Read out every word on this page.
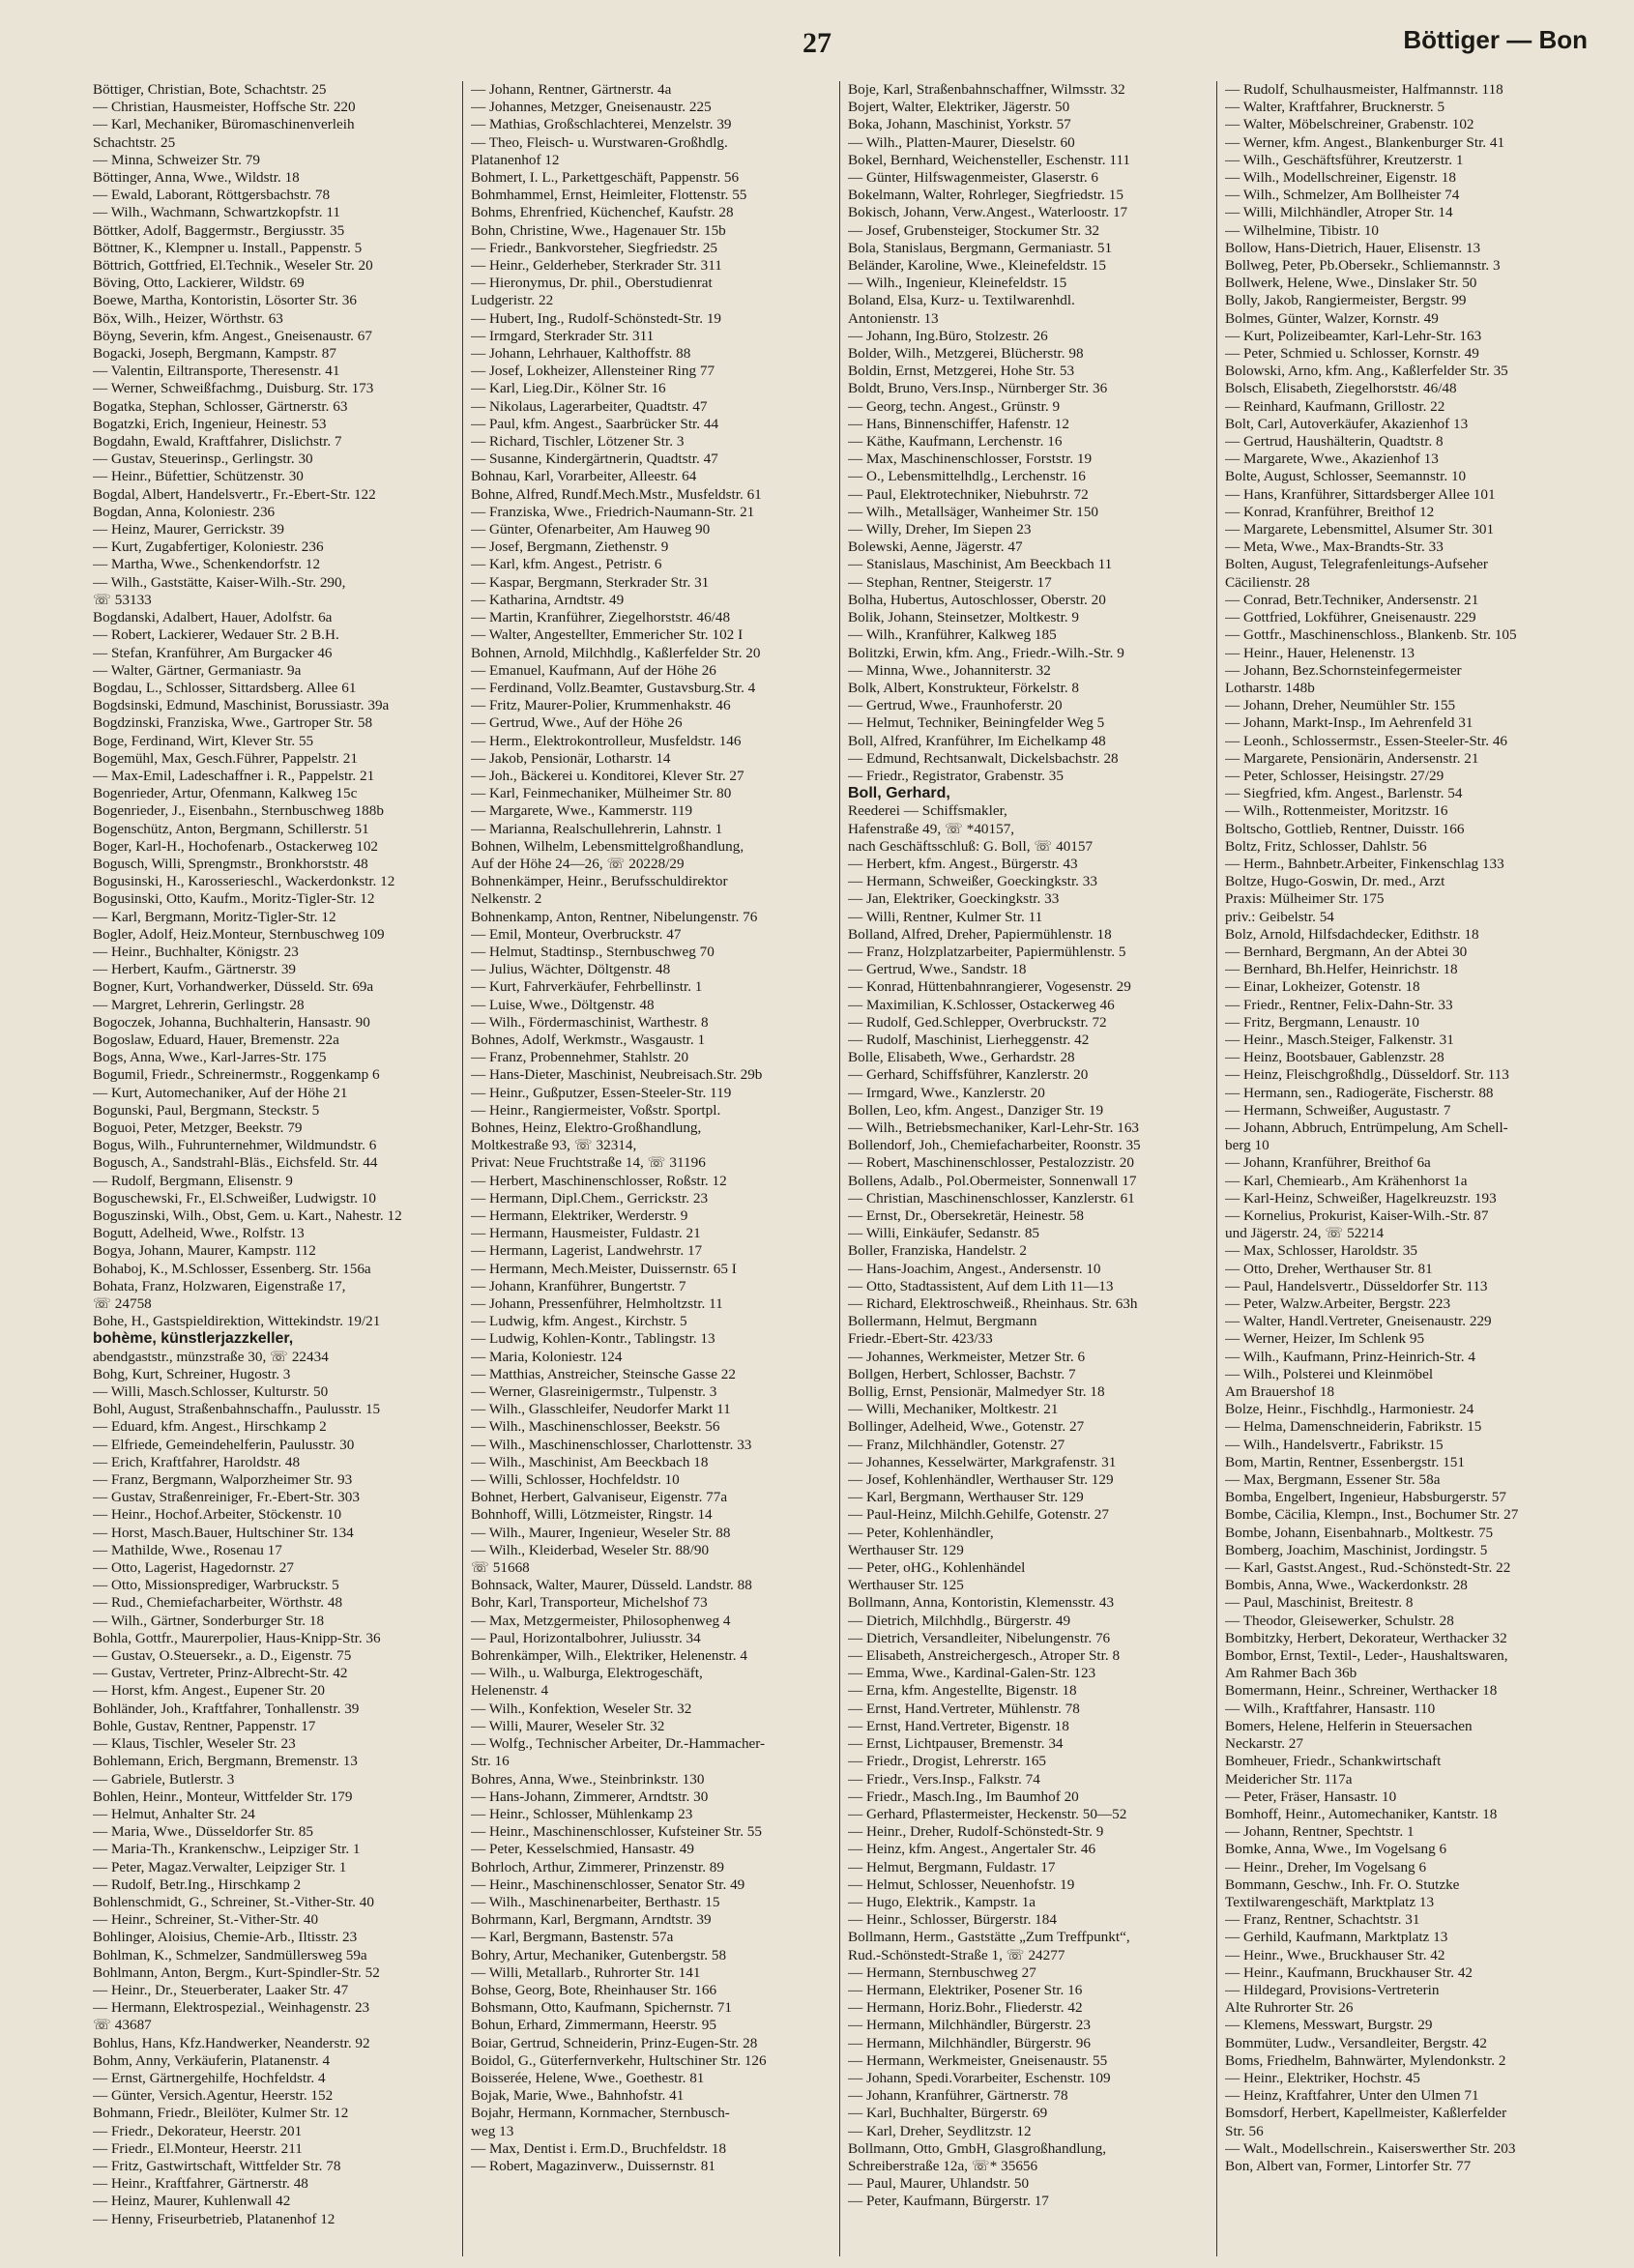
27	Böttiger — Bon
Böttiger, Christian, Bote, Schachtstr. 25
— Christian, Hausmeister, Hoffsche Str. 220
— Karl, Mechaniker, Büromaschinenverleih
Schachtstr. 25
— Minna, Schweizer Str. 79
Böttinger, Anna, Wwe., Wildstr. 18
— Ewald, Laborant, Röttgersbachstr. 78
— Wilh., Wachmann, Schwartzkopfstr. 11
Böttker, Adolf, Baggermstr., Bergiusstr. 35
Böttner, K., Klempner u. Install., Pappenstr. 5
Böttrich, Gottfried, El.Technik., Weseler Str. 20
Böving, Otto, Lackierer, Wildstr. 69
Boewe, Martha, Kontoristin, Lösorter Str. 36
Böx, Wilh., Heizer, Wörthstr. 63
Böyng, Severin, kfm. Angest., Gneisenaustr. 67
Bogacki, Joseph, Bergmann, Kampstr. 87
— Valentin, Eiltransporte, Theresenstr. 41
— Werner, Schweißfachmg., Duisburg. Str. 173
Bogatka, Stephan, Schlosser, Gärtnerstr. 63
Bogatzki, Erich, Ingenieur, Heinestr. 53
Bogdahn, Ewald, Kraftfahrer, Dislichstr. 7
— Gustav, Steuerinsp., Gerlingstr. 30
— Heinr., Büfettier, Schützenstr. 30
Bogdal, Albert, Handelsvertr., Fr.-Ebert-Str. 122
Bogdan, Anna, Koloniestr. 236
— Heinz, Maurer, Gerrickstr. 39
— Kurt, Zugabfertiger, Koloniestr. 236
— Martha, Wwe., Schenkendorfstr. 12
— Wilh., Gaststätte, Kaiser-Wilh.-Str. 290,
☏ 53133
Bogdanski, Adalbert, Hauer, Adolfstr. 6a
— Robert, Lackierer, Wedauer Str. 2 B.H.
— Stefan, Kranführer, Am Burgacker 46
— Walter, Gärtner, Germaniastr. 9a
Bogdau, L., Schlosser, Sittardsberg. Allee 61
Bogdsinski, Edmund, Maschinist, Borussiastr. 39a
Bogdzinski, Franziska, Wwe., Gartroper Str. 58
Boge, Ferdinand, Wirt, Klever Str. 55
Bogemühl, Max, Gesch.Führer, Pappelstr. 21
— Max-Emil, Ladeschaffner i. R., Pappelstr. 21
Bogenrieder, Artur, Ofenmann, Kalkweg 15c
Bogenrieder, J., Eisenbahn., Sternbuschweg 188b
Bogenschütz, Anton, Bergmann, Schillerstr. 51
Boger, Karl-H., Hochofenarb., Ostackerweg 102
Bogusch, Willi, Sprengmstr., Bronkhorststr. 48
Bogusinski, H., Karosserieschl., Wackerdonkstr. 12
Bogusinski, Otto, Kaufm., Moritz-Tigler-Str. 12
— Karl, Bergmann, Moritz-Tigler-Str. 12
Bogler, Adolf, Heiz.Monteur, Sternbuschweg 109
— Heinr., Buchhalter, Königstr. 23
— Herbert, Kaufm., Gärtnerstr. 39
Bogner, Kurt, Vorhandwerker, Düsseld. Str. 69a
— Margret, Lehrerin, Gerlingstr. 28
Bogoczek, Johanna, Buchhalterin, Hansastr. 90
Bogoslaw, Eduard, Hauer, Bremenstr. 22a
Bogs, Anna, Wwe., Karl-Jarres-Str. 175
Bogumil, Friedr., Schreinermstr., Roggenkamp 6
— Kurt, Automechaniker, Auf der Höhe 21
Bogunski, Paul, Bergmann, Steckstr. 5
Boguoi, Peter, Metzger, Beekstr. 79
Bogus, Wilh., Fuhrunternehmer, Wildmundstr. 6
Bogusch, A., Sandstrahl-Bläs., Eichsfeld. Str. 44
— Rudolf, Bergmann, Elisenstr. 9
Boguschewski, Fr., El.Schweißer, Ludwigstr. 10
Boguszinski, Wilh., Obst, Gem. u. Kart., Nahestr. 12
Bogutt, Adelheid, Wwe., Rolfstr. 13
Bogya, Johann, Maurer, Kampstr. 112
Bohaboj, K., M.Schlosser, Essenberg. Str. 156a
Bohata, Franz, Holzwaren, Eigenstraße 17,
☏ 24758
Bohe, H., Gastspieldirektion, Wittekindstr. 19/21
bohème, künstlerjazzkeller,
abendgaststr., münzstraße 30, ☏ 22434
Bohg, Kurt, Schreiner, Hugostr. 3
— Willi, Masch.Schlosser, Kulturstr. 50
Bohl, August, Straßenbahnschaffn., Paulusstr. 15
— Eduard, kfm. Angest., Hirschkamp 2
— Elfriede, Gemeindehelferin, Paulusstr. 30
— Erich, Kraftfahrer, Haroldstr. 48
— Franz, Bergmann, Walporzheimer Str. 93
— Gustav, Straßenreiniger, Fr.-Ebert-Str. 303
— Heinr., Hochof.Arbeiter, Stöckenstr. 10
— Horst, Masch.Bauer, Hultschiner Str. 134
— Mathilde, Wwe., Rosenau 17
— Otto, Lagerist, Hagedornstr. 27
— Otto, Missionsprediger, Warbruckstr. 5
— Rud., Chemiefacharbeiter, Wörthstr. 48
— Wilh., Gärtner, Sonderburger Str. 18
Bohla, Gottfr., Maurerpolier, Haus-Knipp-Str. 36
— Gustav, O.Steuersekr., a. D., Eigenstr. 75
— Gustav, Vertreter, Prinz-Albrecht-Str. 42
— Horst, kfm. Angest., Eupener Str. 20
Bohländer, Joh., Kraftfahrer, Tonhallenstr. 39
Bohle, Gustav, Rentner, Pappenstr. 17
— Klaus, Tischler, Weseler Str. 23
Bohlemann, Erich, Bergmann, Bremenstr. 13
— Gabriele, Butlerstr. 3
Bohlen, Heinr., Monteur, Wittfelder Str. 179
— Helmut, Anhalter Str. 24
— Maria, Wwe., Düsseldorfer Str. 85
— Maria-Th., Krankenschw., Leipziger Str. 1
— Peter, Magaz.Verwalter, Leipziger Str. 1
— Rudolf, Betr.Ing., Hirschkamp 2
Bohlenschmidt, G., Schreiner, St.-Vither-Str. 40
— Heinr., Schreiner, St.-Vither-Str. 40
Bohlinger, Aloisius, Chemie-Arb., Iltisstr. 23
Bohlman, K., Schmelzer, Sandmüllersweg 59a
Bohlmann, Anton, Bergm., Kurt-Spindler-Str. 52
— Heinr., Dr., Steuerberater, Laaker Str. 47
— Hermann, Elektrospezial., Weinhagenstr. 23
☏ 43687
Bohlus, Hans, Kfz.Handwerker, Neanderstr. 92
Bohm, Anny, Verkäuferin, Platanenstr. 4
— Ernst, Gärtnergehilfe, Hochfeldstr. 4
— Günter, Versich.Agentur, Heerstr. 152
Bohmann, Friedr., Bleilöter, Kulmer Str. 12
— Friedr., Dekorateur, Heerstr. 201
— Friedr., El.Monteur, Heerstr. 211
— Fritz, Gastwirtschaft, Wittfelder Str. 78
— Heinr., Kraftfahrer, Gärtnerstr. 48
— Heinz, Maurer, Kuhlenwall 42
— Henny, Friseurbetrieb, Platanenhof 12
— Johann, Rentner, Gärtnerstr. 4a
— Johannes, Metzger, Gneisenaustr. 225
— Mathias, Großschlachterei, Menzelstr. 39
— Theo, Fleisch- u. Wurstwaren-Großhdlg.
Platanenhof 12
Bohmert, I. L., Parkettgeschäft, Pappenstr. 56
Bohmhammel, Ernst, Heimleiter, Flottenstr. 55
Bohms, Ehrenfried, Küchenchef, Kaufstr. 28
Bohn, Christine, Wwe., Hagenauer Str. 15b
— Friedr., Bankvorsteher, Siegfriedstr. 25
— Heinr., Gelderheber, Sterkrader Str. 311
— Hieronymus, Dr. phil., Oberstudienrat
Ludgeristr. 22
— Hubert, Ing., Rudolf-Schönstedt-Str. 19
— Irmgard, Sterkrader Str. 311
— Johann, Lehrhauer, Kalthoffstr. 88
— Josef, Lokheizer, Allensteiner Ring 77
— Karl, Lieg.Dir., Kölner Str. 16
— Nikolaus, Lagerarbeiter, Quadtstr. 47
— Paul, kfm. Angest., Saarbrücker Str. 44
— Richard, Tischler, Lötzener Str. 3
— Susanne, Kindergärtnerin, Quadtstr. 47
Bohnau, Karl, Vorarbeiter, Alleestr. 64
Bohne, Alfred, Rundf.Mech.Mstr., Musfeldstr. 61
— Franziska, Wwe., Friedrich-Naumann-Str. 21
— Günter, Ofenarbeiter, Am Hauweg 90
— Josef, Bergmann, Ziethenstr. 9
— Karl, kfm. Angest., Petristr. 6
— Kaspar, Bergmann, Sterkrader Str. 31
— Katharina, Arndtstr. 49
— Martin, Kranführer, Ziegelhorststr. 46/48
— Walter, Angestellter, Emmericher Str. 102 I
Bohnen, Arnold, Milchhdlg., Kaßlerfelder Str. 20
— Emanuel, Kaufmann, Auf der Höhe 26
— Ferdinand, Vollz.Beamter, Gustavsburg.Str. 4
— Fritz, Maurer-Polier, Krummenhakstr. 46
— Gertrud, Wwe., Auf der Höhe 26
— Herm., Elektrokontrolleur, Musfeldstr. 146
— Jakob, Pensionär, Lotharstr. 14
— Joh., Bäckerei u. Konditorei, Klever Str. 27
— Karl, Feinmechaniker, Mülheimer Str. 80
— Margarete, Wwe., Kammerstr. 119
— Marianna, Realschullehrerin, Lahnstr. 1
Bohnen, Wilhelm, Lebensmittelgroßhandlung,
Auf der Höhe 24—26, ☏ 20228/29
Bohnenkämper, Heinr., Berufsschuldirektor
Nelkenstr. 2
Bohnenkamp, Anton, Rentner, Nibelungenstr. 76
— Emil, Monteur, Overbruckstr. 47
— Helmut, Stadtinsp., Sternbuschweg 70
— Julius, Wächter, Döltgenstr. 48
— Kurt, Fahrverkäufer, Fehrbellinstr. 1
— Luise, Wwe., Döltgenstr. 48
— Wilh., Fördermaschinist, Warthestr. 8
Bohnes, Adolf, Werkmstr., Wasgaustr. 1
— Franz, Probennehmer, Stahlstr. 20
— Hans-Dieter, Maschinist, Neubreisach.Str. 29b
— Heinr., Gußputzer, Essen-Steeler-Str. 119
— Heinr., Rangiermeister, Voßstr. Sportpl.
Bohnes, Heinz, Elektro-Großhandlung,
Moltkestraße 93, ☏ 32314,
Privat: Neue Fruchtstraße 14, ☏ 31196
— Herbert, Maschinenschlosser, Roßstr. 12
— Hermann, Dipl.Chem., Gerrickstr. 23
— Hermann, Elektriker, Werderstr. 9
— Hermann, Hausmeister, Fuldastr. 21
— Hermann, Lagerist, Landwehrstr. 17
— Hermann, Mech.Meister, Duissernstr. 65 I
— Johann, Kranführer, Bungertstr. 7
— Johann, Pressenführer, Helmholtzstr. 11
— Ludwig, kfm. Angest., Kirchstr. 5
— Ludwig, Kohlen-Kontr., Tablingstr. 13
— Maria, Koloniestr. 124
— Matthias, Anstreicher, Steinsche Gasse 22
— Werner, Glasreinigermstr., Tulpenstr. 3
— Wilh., Glasschleifer, Neudorfer Markt 11
— Wilh., Maschinenschlosser, Beekstr. 56
— Wilh., Maschinenschlosser, Charlottenstr. 33
— Wilh., Maschinist, Am Beeckbach 18
— Willi, Schlosser, Hochfeldstr. 10
Bohnet, Herbert, Galvaniseur, Eigenstr. 77a
Bohnhoff, Willi, Lötzmeister, Ringstr. 14
— Wilh., Maurer, Ingenieur, Weseler Str. 88
— Wilh., Kleiderbad, Weseler Str. 88/90
☏ 51668
Bohnsack, Walter, Maurer, Düsseld. Landstr. 88
Bohr, Karl, Transporteur, Michelshof 73
— Max, Metzgermeister, Philosophenweg 4
— Paul, Horizontalbohrer, Juliusstr. 34
Bohrenkämper, Wilh., Elektriker, Helenenstr. 4
— Wilh., u. Walburga, Elektrogeschäft,
Helenenstr. 4
— Wilh., Konfektion, Weseler Str. 32
— Willi, Maurer, Weseler Str. 32
— Wolfg., Technischer Arbeiter, Dr.-Hammacher-
Str. 16
Bohres, Anna, Wwe., Steinbrinkstr. 130
— Hans-Johann, Zimmerer, Arndtstr. 30
— Heinr., Schlosser, Mühlenkamp 23
— Heinr., Maschinenschlosser, Kufsteiner Str. 55
— Peter, Kesselschmied, Hansastr. 49
Bohrloch, Arthur, Zimmerer, Prinzenstr. 89
— Heinr., Maschinenschlosser, Senator Str. 49
— Wilh., Maschinenarbeiter, Berthastr. 15
Bohrmann, Karl, Bergmann, Arndtstr. 39
— Karl, Bergmann, Bastenstr. 57a
Bohry, Artur, Mechaniker, Gutenbergstr. 58
— Willi, Metallarb., Ruhrorter Str. 141
Bohse, Georg, Bote, Rheinhauser Str. 166
Bohsmann, Otto, Kaufmann, Spichernstr. 71
Bohun, Erhard, Zimmermann, Heerstr. 95
Boiar, Gertrud, Schneiderin, Prinz-Eugen-Str. 28
Boidol, G., Güterfernverkehr, Hultschiner Str. 126
Boisserée, Helene, Wwe., Goethestr. 81
Bojak, Marie, Wwe., Bahnhofstr. 41
Bojahr, Hermann, Kornmacher, Sternbusch-
weg 13
— Max, Dentist i. Erm.D., Bruchfeldstr. 18
— Robert, Magazinverw., Duissernstr. 81
Boje, Karl, Straßenbahnschaffner, Wilmsstr. 32
Bojert, Walter, Elektriker, Jägerstr. 50
Boka, Johann, Maschinist, Yorkstr. 57
— Wilh., Platten-Maurer, Dieselstr. 60
Bokel, Bernhard, Weichensteller, Eschenstr. 111
— Günter, Hilfswagenmeister, Glaserstr. 6
Bokelmann, Walter, Rohrleger, Siegfriedstr. 15
Bokisch, Johann, Verw.Angest., Waterloostr. 17
— Josef, Grubensteiger, Stockumer Str. 32
Bola, Stanislaus, Bergmann, Germaniastr. 51
Beländer, Karoline, Wwe., Kleinefeldstr. 15
— Wilh., Ingenieur, Kleinefeldstr. 15
Boland, Elsa, Kurz- u. Textilwarenhdl.
Antonienstr. 13
— Johann, Ing.Büro, Stolzestr. 26
Bolder, Wilh., Metzgerei, Blücherstr. 98
Boldin, Ernst, Metzgerei, Hohe Str. 53
Boldt, Bruno, Vers.Insp., Nürnberger Str. 36
— Georg, techn. Angest., Grünstr. 9
— Hans, Binnenschiffer, Hafenstr. 12
— Käthe, Kaufmann, Lerchenstr. 16
— Max, Maschinenschlosser, Forststr. 19
— O., Lebensmittelhdlg., Lerchenstr. 16
— Paul, Elektrotechniker, Niebuhrstr. 72
— Wilh., Metallsäger, Wanheimer Str. 150
— Willy, Dreher, Im Siepen 23
Bolewski, Aenne, Jägerstr. 47
— Stanislaus, Maschinist, Am Beeckbach 11
— Stephan, Rentner, Steigerstr. 17
Bolha, Hubertus, Autoschlosser, Oberstr. 20
Bolik, Johann, Steinsetzer, Moltkestr. 9
— Wilh., Kranführer, Kalkweg 185
Bolitzki, Erwin, kfm. Ang., Friedr.-Wilh.-Str. 9
— Minna, Wwe., Johanniterstr. 32
Bolk, Albert, Konstrukteur, Förkelstr. 8
— Gertrud, Wwe., Fraunhoferstr. 20
— Helmut, Techniker, Beiningfelder Weg 5
Boll, Alfred, Kranführer, Im Eichelkamp 48
— Edmund, Rechtsanwalt, Dickelsbachstr. 28
— Friedr., Registrator, Grabenstr. 35
Boll, Gerhard,
Reederei — Schiffsmakler,
Hafenstraße 49, ☏ *40157,
nach Geschäftsschluß: G. Boll, ☏ 40157
— Herbert, kfm. Angest., Bürgerstr. 43
— Hermann, Schweißer, Goeckingkstr. 33
— Jan, Elektriker, Goeckingkstr. 33
— Willi, Rentner, Kulmer Str. 11
Bolland, Alfred, Dreher, Papiermühlenstr. 18
— Franz, Holzplatzarbeiter, Papiermühlenstr. 5
— Gertrud, Wwe., Sandstr. 18
— Konrad, Hüttenbahnrangierer, Vogesenstr. 29
— Maximilian, K.Schlosser, Ostackerweg 46
— Rudolf, Ged.Schlepper, Overbruckstr. 72
— Rudolf, Maschinist, Lierheggenstr. 42
Bolle, Elisabeth, Wwe., Gerhardstr. 28
— Gerhard, Schiffsführer, Kanzlerstr. 20
— Irmgard, Wwe., Kanzlerstr. 20
Bollen, Leo, kfm. Angest., Danziger Str. 19
— Wilh., Betriebsmechaniker, Karl-Lehr-Str. 163
Bollendorf, Joh., Chemiefacharbeiter, Roonstr. 35
— Robert, Maschinenschlosser, Pestalozzistr. 20
Bollens, Adalb., Pol.Obermeister, Sonnenwall 17
— Christian, Maschinenschlosser, Kanzlerstr. 61
— Ernst, Dr., Obersekretär, Heinestr. 58
— Willi, Einkäufer, Sedanstr. 85
Boller, Franziska, Handelstr. 2
— Hans-Joachim, Angest., Andersenstr. 10
— Otto, Stadtassistent, Auf dem Lith 11—13
— Richard, Elektroschweiß., Rheinhaus. Str. 63h
Bollermann, Helmut, Bergmann
Friedr.-Ebert-Str. 423/33
— Johannes, Werkmeister, Metzer Str. 6
Bollgen, Herbert, Schlosser, Bachstr. 7
Bollig, Ernst, Pensionär, Malmedyer Str. 18
— Willi, Mechaniker, Moltkestr. 21
Bollinger, Adelheid, Wwe., Gotenstr. 27
— Franz, Milchhändler, Gotenstr. 27
— Johannes, Kesselwärter, Markgrafenstr. 31
— Josef, Kohlenhändler, Werthauser Str. 129
— Karl, Bergmann, Werthauser Str. 129
— Paul-Heinz, Milchh.Gehilfe, Gotenstr. 27
— Peter, Kohlenhändler,
Werthauser Str. 129
— Peter, oHG., Kohlenhändel
Werthauser Str. 125
Bollmann, Anna, Kontoristin, Klemensstr. 43
— Dietrich, Milchhdlg., Bürgerstr. 49
— Dietrich, Versandleiter, Nibelungenstr. 76
— Elisabeth, Anstreichergesch., Atroper Str. 8
— Emma, Wwe., Kardinal-Galen-Str. 123
— Erna, kfm. Angestellte, Bigenstr. 18
— Ernst, Hand.Vertreter, Mühlenstr. 78
— Ernst, Hand.Vertreter, Bigenstr. 18
— Ernst, Lichtpauser, Bremenstr. 34
— Friedr., Drogist, Lehrerstr. 165
— Friedr., Vers.Insp., Falkstr. 74
— Friedr., Masch.Ing., Im Baumhof 20
— Gerhard, Pflastermeister, Heckenstr. 50—52
— Heinr., Dreher, Rudolf-Schönstedt-Str. 9
— Heinz, kfm. Angest., Angertaler Str. 46
— Helmut, Bergmann, Fuldastr. 17
— Helmut, Schlosser, Neuenhofstr. 19
— Hugo, Elektrik., Kampstr. 1a
— Heinr., Schlosser, Bürgerstr. 184
Bollmann, Herm., Gaststätte „Zum Treffpunkt“,
Rud.-Schönstedt-Straße 1, ☏ 24277
— Hermann, Sternbuschweg 27
— Hermann, Elektriker, Posener Str. 16
— Hermann, Horiz.Bohr., Fliederstr. 42
— Hermann, Milchhändler, Bürgerstr. 23
— Hermann, Milchhändler, Bürgerstr. 96
— Hermann, Werkmeister, Gneisenaustr. 55
— Johann, Spedi.Vorarbeiter, Eschenstr. 109
— Johann, Kranführer, Gärtnerstr. 78
— Karl, Buchhalter, Bürgerstr. 69
— Karl, Dreher, Seydlitzstr. 12
Bollmann, Otto, GmbH, Glasgroßhandlung,
Schreiberstraße 12a, ☏* 35656
— Paul, Maurer, Uhlandstr. 50
— Peter, Kaufmann, Bürgerstr. 17
— Rudolf, Schulhausmeister, Halfmannstr. 118
— Walter, Kraftfahrer, Brucknerstr. 5
— Walter, Möbelschreiner, Grabenstr. 102
— Werner, kfm. Angest., Blankenburger Str. 41
— Wilh., Geschäftsführer, Kreutzerstr. 1
— Wilh., Modellschreiner, Eigenstr. 18
— Wilh., Schmelzer, Am Bollheister 74
— Willi, Milchhändler, Atroper Str. 14
— Wilhelmine, Tibistr. 10
Bollow, Hans-Dietrich, Hauer, Elisenstr. 13
Bollweg, Peter, Pb.Obersekr., Schliemannstr. 3
Bollwerk, Helene, Wwe., Dinslaker Str. 50
Bolly, Jakob, Rangiermeister, Bergstr. 99
Bolmes, Günter, Walzer, Kornstr. 49
— Kurt, Polizeibeamter, Karl-Lehr-Str. 163
— Peter, Schmied u. Schlosser, Kornstr. 49
Bolowski, Arno, kfm. Ang., Kaßlerfelder Str. 35
Bolsch, Elisabeth, Ziegelhorststr. 46/48
— Reinhard, Kaufmann, Grillostr. 22
Bolt, Carl, Autoverkäufer, Akazienhof 13
— Gertrud, Haushälterin, Quadtstr. 8
— Margarete, Wwe., Akazienhof 13
Bolte, August, Schlosser, Seemannstr. 10
— Hans, Kranführer, Sittardsberger Allee 101
— Konrad, Kranführer, Breithof 12
— Margarete, Lebensmittel, Alsumer Str. 301
— Meta, Wwe., Max-Brandts-Str. 33
Bolten, August, Telegrafenleitungs-Aufseher
Cäcilienstr. 28
— Conrad, Betr.Techniker, Andersenstr. 21
— Gottfried, Lokführer, Gneisenaustr. 229
— Gottfr., Maschinenschloss., Blankenb. Str. 105
— Heinr., Hauer, Helenenstr. 13
— Johann, Bez.Schornsteinfegermeister
Lotharstr. 148b
— Johann, Dreher, Neumühler Str. 155
— Johann, Markt-Insp., Im Aehrenfeld 31
— Leonh., Schlossermstr., Essen-Steeler-Str. 46
— Margarete, Pensionärin, Andersenstr. 21
— Peter, Schlosser, Heisingstr. 27/29
— Siegfried, kfm. Angest., Barlenstr. 54
— Wilh., Rottenmeister, Moritzstr. 16
Boltscho, Gottlieb, Rentner, Duisstr. 166
Boltz, Fritz, Schlosser, Dahlstr. 56
— Herm., Bahnbetr.Arbeiter, Finkenschlag 133
Boltze, Hugo-Goswin, Dr. med., Arzt
Praxis: Mülheimer Str. 175
priv.: Geibelstr. 54
Bolz, Arnold, Hilfsdachdecker, Edithstr. 18
— Bernhard, Bergmann, An der Abtei 30
— Bernhard, Bh.Helfer, Heinrichstr. 18
— Einar, Lokheizer, Gotenstr. 18
— Friedr., Rentner, Felix-Dahn-Str. 33
— Fritz, Bergmann, Lenaustr. 10
— Heinr., Masch.Steiger, Falkenstr. 31
— Heinz, Bootsbauer, Gablenzstr. 28
— Heinz, Fleischgroßhdlg., Düsseldorf. Str. 113
— Hermann, sen., Radiogeräte, Fischerstr. 88
— Hermann, Schweißer, Augustastr. 7
— Johann, Abbruch, Entrümpelung, Am Schell-
berg 10
— Johann, Kranführer, Breithof 6a
— Karl, Chemiearb., Am Krähenhorst 1a
— Karl-Heinz, Schweißer, Hagelkreuzstr. 193
— Kornelius, Prokurist, Kaiser-Wilh.-Str. 87
und Jägerstr. 24, ☏ 52214
— Max, Schlosser, Haroldstr. 35
— Otto, Dreher, Werthauser Str. 81
— Paul, Handelsvertr., Düsseldorfer Str. 113
— Peter, Walzw.Arbeiter, Bergstr. 223
— Walter, Handl.Vertreter, Gneisenaustr. 229
— Werner, Heizer, Im Schlenk 95
— Wilh., Kaufmann, Prinz-Heinrich-Str. 4
— Wilh., Polsterei und Kleinmöbel
Am Brauershof 18
Bolze, Heinr., Fischhdlg., Harmoniestr. 24
— Helma, Damenschneiderin, Fabrikstr. 15
— Wilh., Handelsvertr., Fabrikstr. 15
Bom, Martin, Rentner, Essenbergstr. 151
— Max, Bergmann, Essener Str. 58a
Bomba, Engelbert, Ingenieur, Habsburgerstr. 57
Bombe, Cäcilia, Klempn., Inst., Bochumer Str. 27
Bombe, Johann, Eisenbahnarb., Moltkestr. 75
Bomberg, Joachim, Maschinist, Jordingstr. 5
— Karl, Gastst.Angest., Rud.-Schönstedt-Str. 22
Bombis, Anna, Wwe., Wackerdonkstr. 28
— Paul, Maschinist, Breitestr. 8
— Theodor, Gleisewerker, Schulstr. 28
Bombitzky, Herbert, Dekorateur, Werthacker 32
Bombor, Ernst, Textil-, Leder-, Haushaltswaren,
Am Rahmer Bach 36b
Bomermann, Heinr., Schreiner, Werthacker 18
— Wilh., Kraftfahrer, Hansastr. 110
Bomers, Helene, Helferin in Steuersachen
Neckarstr. 27
Bomheuer, Friedr., Schankwirtschaft
Meidericher Str. 117a
— Peter, Fräser, Hansastr. 10
Bomhoff, Heinr., Automechaniker, Kantstr. 18
— Johann, Rentner, Spechtstr. 1
Bomke, Anna, Wwe., Im Vogelsang 6
— Heinr., Dreher, Im Vogelsang 6
Bommann, Geschw., Inh. Fr. O. Stutzke
Textilwarengeschäft, Marktplatz 13
— Franz, Rentner, Schachtstr. 31
— Gerhild, Kaufmann, Marktplatz 13
— Heinr., Wwe., Bruckhauser Str. 42
— Heinr., Kaufmann, Bruckhauser Str. 42
— Hildegard, Provisions-Vertreterin
Alte Ruhrorter Str. 26
— Klemens, Messwart, Burgstr. 29
Bommüter, Ludw., Versandleiter, Bergstr. 42
Boms, Friedhelm, Bahnwärter, Mylendonkstr. 2
— Heinr., Elektriker, Hochstr. 45
— Heinz, Kraftfahrer, Unter den Ulmen 71
Bomsdorf, Herbert, Kapellmeister, Kaßlerfelder
Str. 56
— Walt., Modellschrein., Kaiserswerther Str. 203
Bon, Albert van, Former, Lintorfer Str. 77
